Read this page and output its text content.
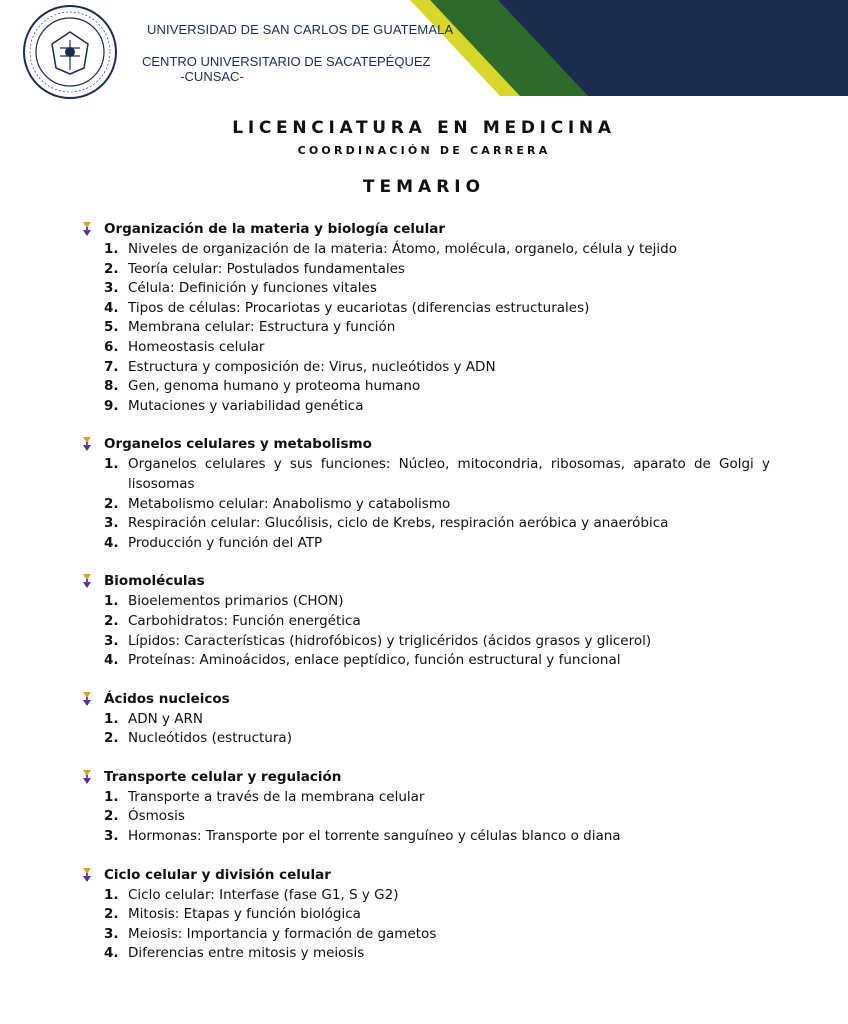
UNIVERSIDAD DE SAN CARLOS DE GUATEMALA
CENTRO UNIVERSITARIO DE SACATEPÉQUEZ
-CUNSAC-
LICENCIATURA EN MEDICINA
COORDINACIÓN DE CARRERA
TEMARIO
Organización de la materia y biología celular
1. Niveles de organización de la materia: Átomo, molécula, organelo, célula y tejido
2. Teoría celular: Postulados fundamentales
3. Célula: Definición y funciones vitales
4. Tipos de células: Procariotas y eucariotas (diferencias estructurales)
5. Membrana celular: Estructura y función
6. Homeostasis celular
7. Estructura y composición de: Virus, nucleótidos y ADN
8. Gen, genoma humano y proteoma humano
9. Mutaciones y variabilidad genética
Organelos celulares y metabolismo
1. Organelos celulares y sus funciones: Núcleo, mitocondria, ribosomas, aparato de Golgi y lisosomas
2. Metabolismo celular: Anabolismo y catabolismo
3. Respiración celular: Glucólisis, ciclo de Krebs, respiración aeróbica y anaeróbica
4. Producción y función del ATP
Biomoléculas
1. Bioelementos primarios (CHON)
2. Carbohidratos: Función energética
3. Lípidos: Características (hidrofóbicos) y triglicéridos (ácidos grasos y glicerol)
4. Proteínas: Aminoácidos, enlace peptídico, función estructural y funcional
Ácidos nucleicos
1. ADN y ARN
2. Nucleótidos (estructura)
Transporte celular y regulación
1. Transporte a través de la membrana celular
2. Ósmosis
3. Hormonas: Transporte por el torrente sanguíneo y células blanco o diana
Ciclo celular y división celular
1. Ciclo celular: Interfase (fase G1, S y G2)
2. Mitosis: Etapas y función biológica
3. Meiosis: Importancia y formación de gametos
4. Diferencias entre mitosis y meiosis
